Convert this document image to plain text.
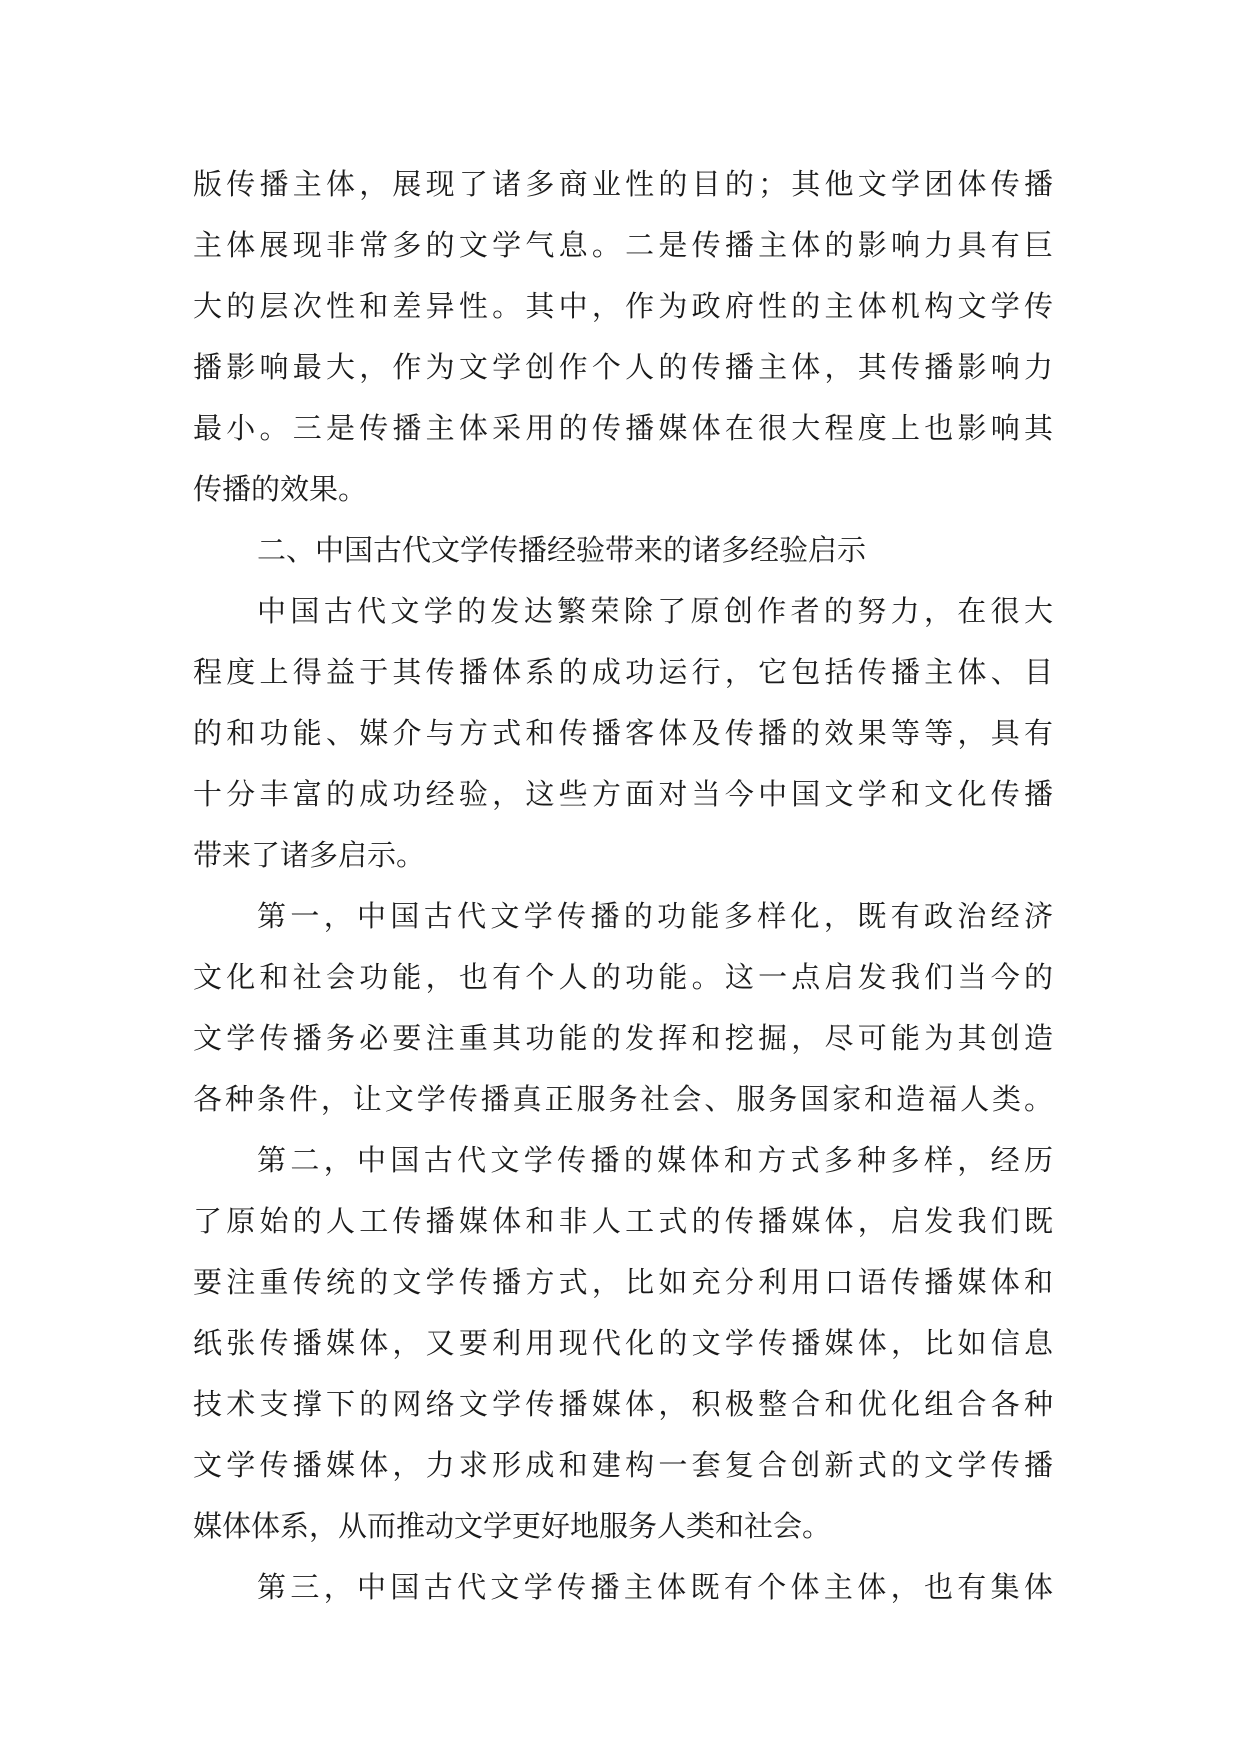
版传播主体，展现了诸多商业性的目的；其他文学团体传播
主体展现非常多的文学气息。二是传播主体的影响力具有巨
大的层次性和差异性。其中，作为政府性的主体机构文学传
播影响最大，作为文学创作个人的传播主体，其传播影响力
最小。三是传播主体采用的传播媒体在很大程度上也影响其
传播的效果。
二、中国古代文学传播经验带来的诸多经验启示
中国古代文学的发达繁荣除了原创作者的努力，在很大
程度上得益于其传播体系的成功运行，它包括传播主体、目
的和功能、媒介与方式和传播客体及传播的效果等等，具有
十分丰富的成功经验，这些方面对当今中国文学和文化传播
带来了诸多启示。
第一，中国古代文学传播的功能多样化，既有政治经济
文化和社会功能，也有个人的功能。这一点启发我们当今的
文学传播务必要注重其功能的发挥和挖掘，尽可能为其创造
各种条件，让文学传播真正服务社会、服务国家和造福人类。
第二，中国古代文学传播的媒体和方式多种多样，经历
了原始的人工传播媒体和非人工式的传播媒体，启发我们既
要注重传统的文学传播方式，比如充分利用口语传播媒体和
纸张传播媒体，又要利用现代化的文学传播媒体，比如信息
技术支撑下的网络文学传播媒体，积极整合和优化组合各种
文学传播媒体，力求形成和建构一套复合创新式的文学传播
媒体体系，从而推动文学更好地服务人类和社会。
第三，中国古代文学传播主体既有个体主体，也有集体
